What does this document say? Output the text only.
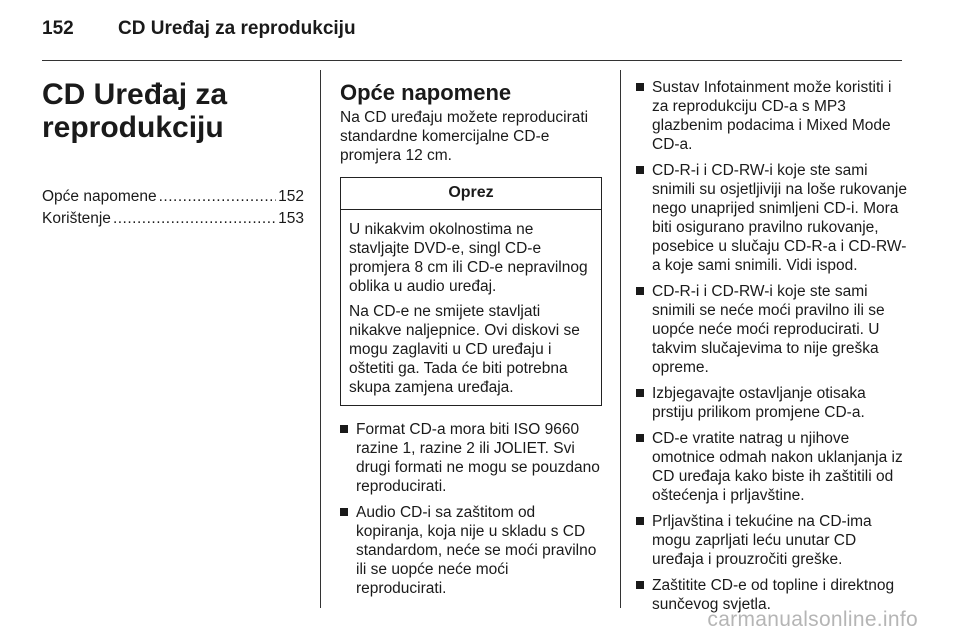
152 CD Uređaj za reprodukciju
CD Uređaj za reprodukciju
Opće napomene .....	152
Korištenje .....	153
Opće napomene

Na CD uređaju možete reproducirati standardne komercijalne CD-e promjera 12 cm.

Oprez

U nikakvim okolnostima ne stavljajte DVD-e, singl CD-e promjera 8 cm ili CD-e nepravilnog oblika u audio uređaj.

Na CD-e ne smijete stavljati nikakve naljepnice. Ovi diskovi se mogu zaglaviti u CD uređaju i oštetiti ga. Tada će biti potrebna skupa zamjena uređaja.

Format CD-a mora biti ISO 9660 razine 1, razine 2 ili JOLIET. Svi drugi formati ne mogu se pouzdano reproducirati.
Audio CD-i sa zaštitom od kopiranja, koja nije u skladu s CD standardom, neće se moći pravilno ili se uopće neće moći reproducirati.
Sustav Infotainment može koristiti i za reprodukciju CD-a s MP3 glazbenim podacima i Mixed Mode CD-a.
CD-R-i i CD-RW-i koje ste sami snimili su osjetljiviji na loše rukovanje nego unaprijed snimljeni CD-i. Mora biti osigurano pravilno rukovanje, posebice u slučaju CD-R-a i CD-RW-a koje sami snimili. Vidi ispod.
CD-R-i i CD-RW-i koje ste sami snimili se neće moći pravilno ili se uopće neće moći reproducirati. U takvim slučajevima to nije greška opreme.
Izbjegavajte ostavljanje otisaka prstiju prilikom promjene CD-a.
CD-e vratite natrag u njihove omotnice odmah nakon uklanjanja iz CD uređaja kako biste ih zaštitili od oštećenja i prljavštine.
Prljavština i tekućine na CD-ima mogu zaprljati leću unutar CD uređaja i prouzročiti greške.
Zaštitite CD-e od topline i direktnog sunčevog svjetla.
carmanualsonline.info
